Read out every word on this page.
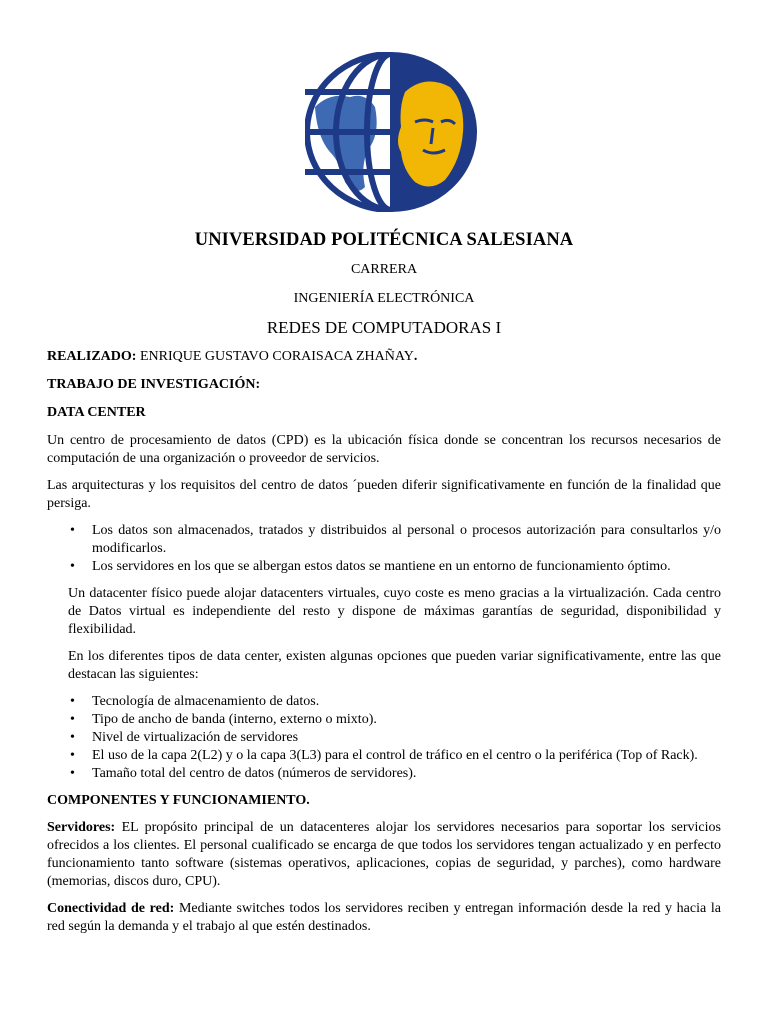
UNIVERSIDAD POLITÉCNICA SALESIANA
CARRERA
INGENIERÍA ELECTRÓNICA
REDES DE COMPUTADORAS I

REALIZADO: ENRIQUE GUSTAVO CORAISACA ZHAÑAY.

TRABAJO DE INVESTIGACIÓN:

DATA CENTER

Un centro de procesamiento de datos (CPD) es la ubicación física donde se concentran los recursos necesarios de computación de una organización o proveedor de servicios.

Las arquitecturas y los requisitos del centro de datos ´pueden diferir significativamente en función de la finalidad que persiga.

• Los datos son almacenados, tratados y distribuidos al personal o procesos autorización para consultarlos y/o modificarlos.
• Los servidores en los que se albergan estos datos se mantiene en un entorno de funcionamiento óptimo.

Un datacenter físico puede alojar datacenters virtuales, cuyo coste es meno gracias a la virtualización. Cada centro de Datos virtual es independiente del resto y dispone de máximas garantías de seguridad, disponibilidad y flexibilidad.

En los diferentes tipos de data center, existen algunas opciones que pueden variar significativamente, entre las que destacan las siguientes:

• Tecnología de almacenamiento de datos.
• Tipo de ancho de banda (interno, externo o mixto).
• Nivel de virtualización de servidores
• El uso de la capa 2(L2) y o la capa 3(L3) para el control de tráfico en el centro o la periférica (Top of Rack).
• Tamaño total del centro de datos (números de servidores).

COMPONENTES Y FUNCIONAMIENTO.

Servidores: EL propósito principal de un datacenteres alojar los servidores necesarios para soportar los servicios ofrecidos a los clientes. El personal cualificado se encarga de que todos los servidores tengan actualizado y en perfecto funcionamiento tanto software (sistemas operativos, aplicaciones, copias de seguridad, y parches), como hardware (memorias, discos duro, CPU).

Conectividad de red: Mediante switches todos los servidores reciben y entregan información desde la red y hacia la red según la demanda y el trabajo al que estén destinados.
